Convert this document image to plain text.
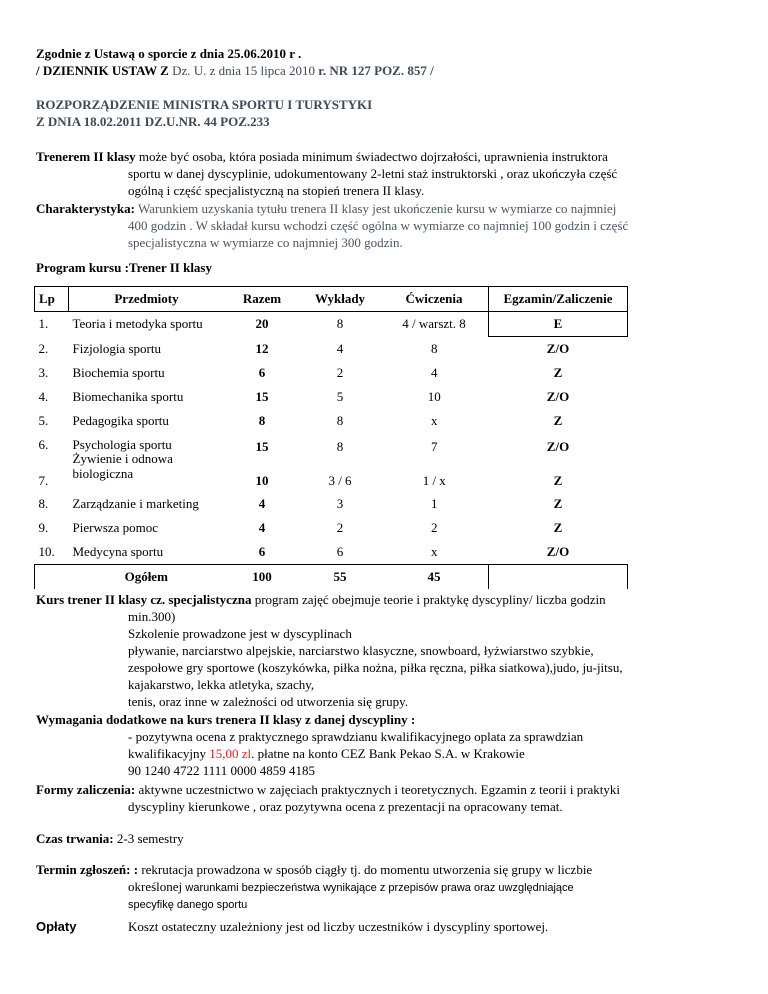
Zgodnie z Ustawą o sporcie z dnia 25.06.2010 r .
/ DZIENNIK USTAW Z Dz. U. z dnia 15 lipca 2010 r. NR 127 POZ. 857 /
ROZPORZĄDZENIE MINISTRA SPORTU I TURYSTYKI
Z DNIA 18.02.2011 DZ.U.NR. 44 POZ.233
Trenerem II klasy może być osoba, która posiada minimum świadectwo dojrzałości, uprawnienia instruktora
sportu w danej dyscyplinie, udokumentowany 2-letni staż instruktorski , oraz ukończyła część
ogólną i część specjalistyczną na stopień trenera II klasy.
Charakterystyka: Warunkiem uzyskania tytułu trenera II klasy jest ukończenie kursu w wymiarze co najmniej
400 godzin . W składał kursu wchodzi część ogólna w wymiarze co najmniej 100 godzin i część
specjalistyczna w wymiarze co najmniej 300 godzin.
Program kursu :Trener II klasy
Lp	Przedmioty	Razem	Wykłady	Ćwiczenia	Egzamin/Zaliczenie
1.	Teoria i metodyka sportu	20	8	4 / warszt. 8	E
2.	Fizjologia sportu	12	4	8	Z/O
3.	Biochemia sportu	6	2	4	Z
4.	Biomechanika sportu	15	5	10	Z/O
5.	Pedagogika sportu	8	8	x	Z
6.	Psychologia sportu	15	8	7	Z/O
7.	Żywienie i odnowa
biologiczna	10	3 / 6	1 / x	Z
8.	Zarządzanie i marketing	4	3	1	Z
9.	Pierwsza pomoc	4	2	2	Z
10.	Medycyna sportu	6	6	x	Z/O
	Ogółem	100	55	45	
Kurs trener II klasy cz. specjalistyczna program zajęć obejmuje teorie i praktykę dyscypliny/ liczba godzin
min.300)
Szkolenie prowadzone jest w dyscyplinach
pływanie, narciarstwo alpejskie, narciarstwo klasyczne, snowboard, łyżwiarstwo szybkie,
zespołowe gry sportowe (koszykówka, piłka nożna, piłka ręczna, piłka siatkowa),judo, ju-jitsu,
kajakarstwo, lekka atletyka, szachy,
tenis, oraz inne w zależności od utworzenia się grupy.
Wymagania dodatkowe na kurs trenera II klasy z danej dyscypliny :
- pozytywna ocena z praktycznego sprawdzianu kwalifikacyjnego oplata za sprawdzian
kwalifikacyjny 15,00 zl. płatne na konto CEZ Bank Pekao S.A. w Krakowie
90 1240 4722 1111 0000 4859 4185
Formy zaliczenia: aktywne uczestnictwo w zajęciach praktycznych i teoretycznych. Egzamin z teorii i praktyki
dyscypliny kierunkowe , oraz pozytywna ocena z prezentacji na opracowany temat.
Czas trwania: 2-3 semestry
Termin zgłoszeń: : rekrutacja prowadzona w sposób ciągły tj. do momentu utworzenia się grupy w liczbie
określonej warunkami bezpieczeństwa wynikające z przepisów prawa oraz uwzględniające
specyfikę danego sportu
Opłaty	Koszt ostateczny uzależniony jest od liczby uczestników i dyscypliny sportowej.
